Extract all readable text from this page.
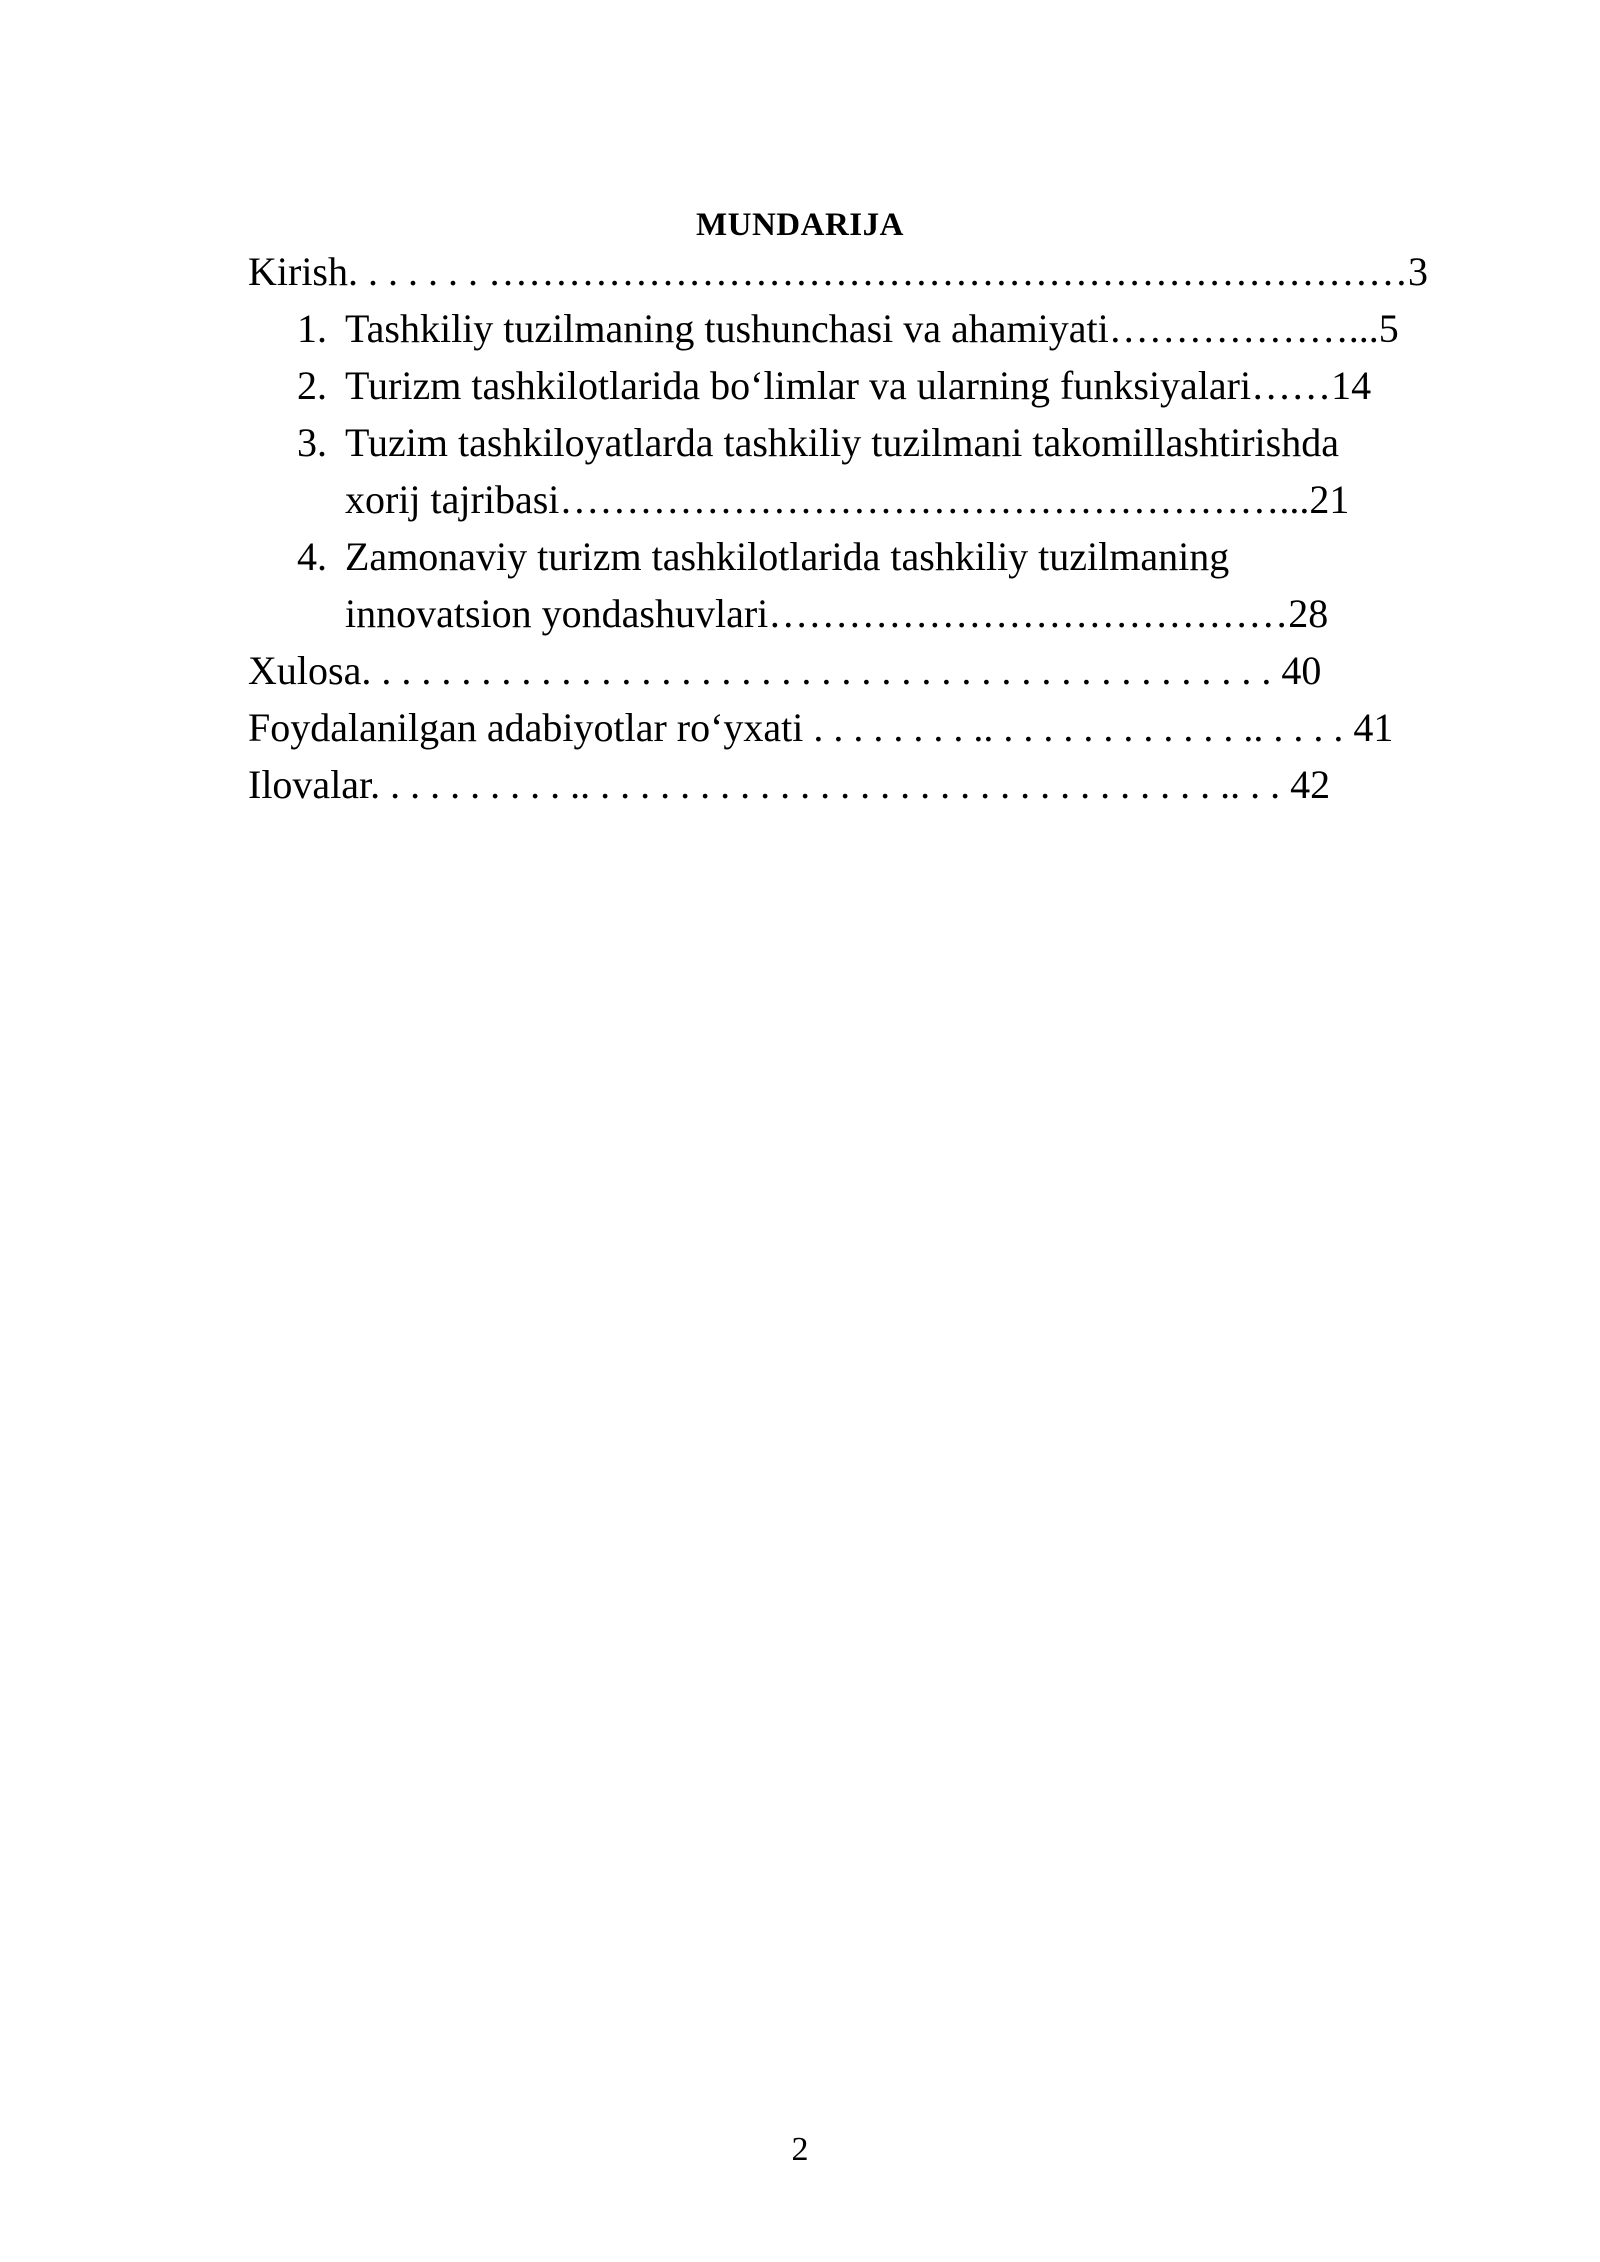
MUNDARIJA
Kirish. . . . . . . ……………………………………………………………3
1. Tashkiliy tuzilmaning tushunchasi va ahamiyati………………...5
2. Turizm tashkilotlarida bo‘limlar va ularning funksiyalari……14
3. Tuzim tashkiloyatlarda tashkiliy tuzilmani takomillashtirishda
xorij tajribasi………………………………………………...21
4. Zamonaviy turizm tashkilotlarida tashkiliy tuzilmaning
innovatsion yondashuvlari…………………………………28
Xulosa. . . . . . . . . . . . . . . . . . . . . . . . . . . . . . . . . . . . . . . . . . . . . . 40
Foydalanilgan adabiyotlar ro‘yxati . . . . . . . . .. . . . . . . . . . . . . .. . . . . 41
Ilovalar. . . . . . . . . . .. . . . . . . . . . . . . . . . . . . . . . . . . . . . . . . . .. . . 42
2
